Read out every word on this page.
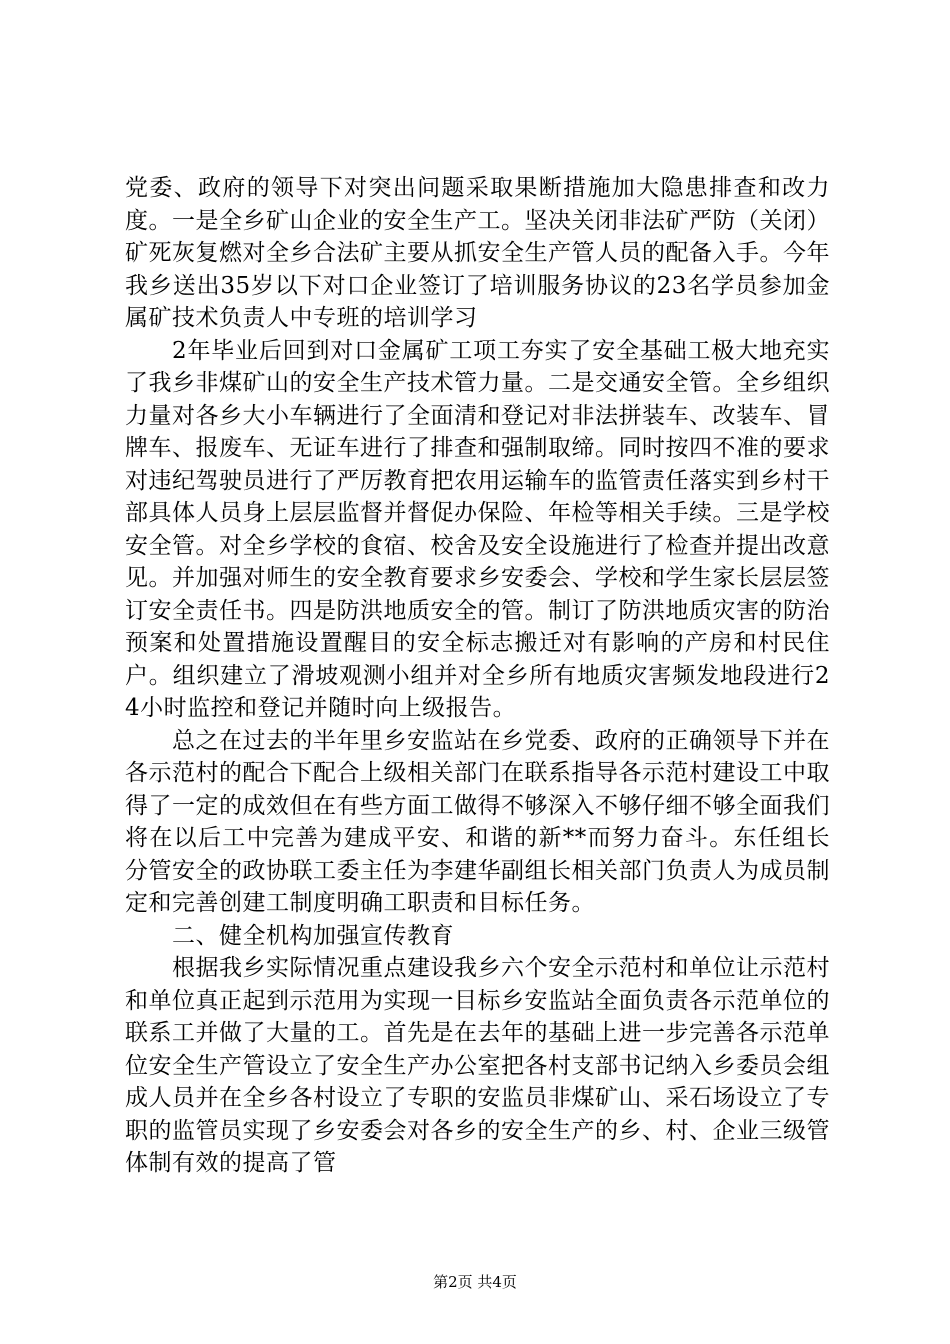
党委、政府的领导下对突出问题采取果断措施加大隐患排查和改力度。一是全乡矿山企业的安全生产工。坚决关闭非法矿严防（关闭）矿死灰复燃对全乡合法矿主要从抓安全生产管人员的配备入手。今年我乡送出35岁以下对口企业签订了培训服务协议的23名学员参加金属矿技术负责人中专班的培训学习

2年毕业后回到对口金属矿工项工夯实了安全基础工极大地充实了我乡非煤矿山的安全生产技术管力量。二是交通安全管。全乡组织力量对各乡大小车辆进行了全面清和登记对非法拼装车、改装车、冒牌车、报废车、无证车进行了排查和强制取缔。同时按四不准的要求对违纪驾驶员进行了严厉教育把农用运输车的监管责任落实到乡村干部具体人员身上层层监督并督促办保险、年检等相关手续。三是学校安全管。对全乡学校的食宿、校舍及安全设施进行了检查并提出改意见。并加强对师生的安全教育要求乡安委会、学校和学生家长层层签订安全责任书。四是防洪地质安全的管。制订了防洪地质灾害的防治预案和处置措施设置醒目的安全标志搬迁对有影响的产房和村民住户。组织建立了滑坡观测小组并对全乡所有地质灾害频发地段进行24小时监控和登记并随时向上级报告。

总之在过去的半年里乡安监站在乡党委、政府的正确领导下并在各示范村的配合下配合上级相关部门在联系指导各示范村建设工中取得了一定的成效但在有些方面工做得不够深入不够仔细不够全面我们将在以后工中完善为建成平安、和谐的新**而努力奋斗。东任组长分管安全的政协联工委主任为李建华副组长相关部门负责人为成员制定和完善创建工制度明确工职责和目标任务。

二、健全机构加强宣传教育

根据我乡实际情况重点建设我乡六个安全示范村和单位让示范村和单位真正起到示范用为实现一目标乡安监站全面负责各示范单位的联系工并做了大量的工。首先是在去年的基础上进一步完善各示范单位安全生产管设立了安全生产办公室把各村支部书记纳入乡委员会组成人员并在全乡各村设立了专职的安监员非煤矿山、采石场设立了专职的监管员实现了乡安委会对各乡的安全生产的乡、村、企业三级管体制有效的提高了管

第2页 共4页
